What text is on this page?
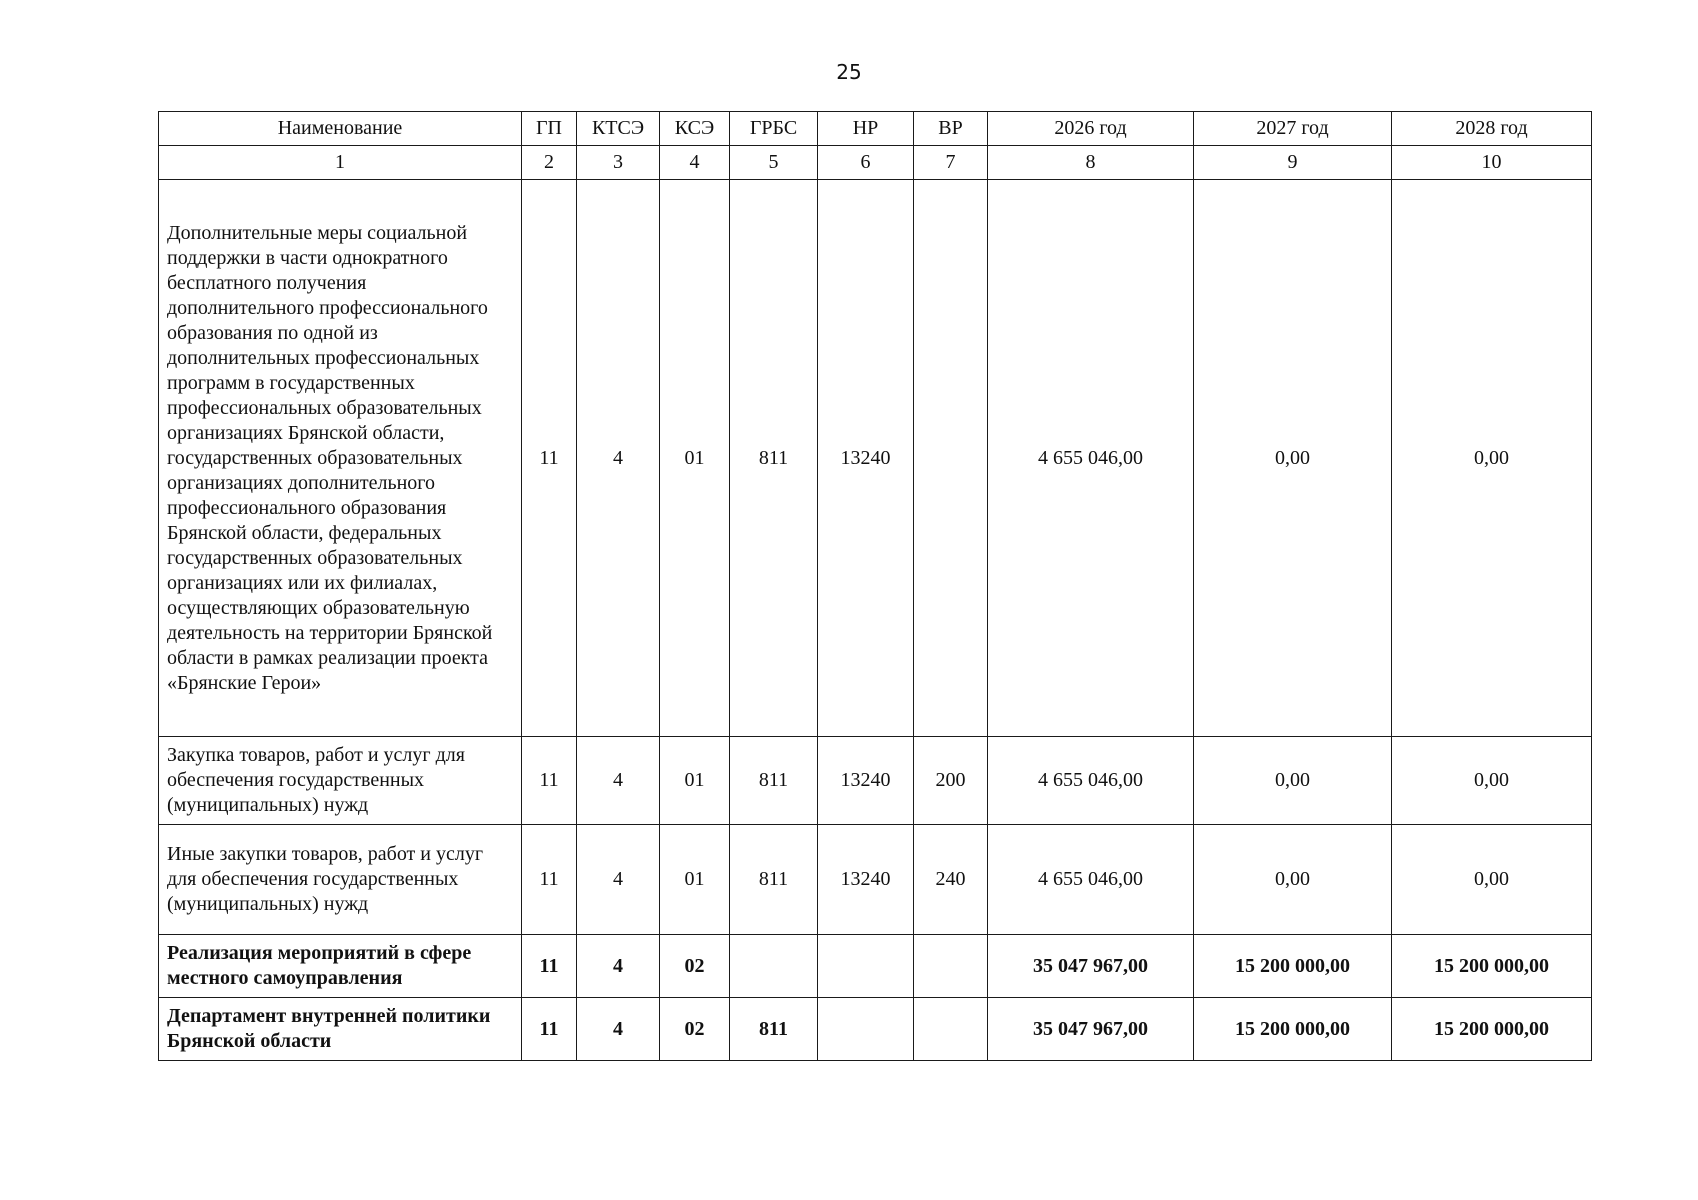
25
Наименование	ГП	КТСЭ	КСЭ	ГРБС	НР	ВР	2026 год	2027 год	2028 год
1	2	3	4	5	6	7	8	9	10
Дополнительные меры социальной поддержки в части однократного бесплатного получения дополнительного профессионального образования по одной из дополнительных профессиональных программ в государственных профессиональных образовательных организациях Брянской области, государственных образовательных организациях дополнительного профессионального образования Брянской области, федеральных государственных образовательных организациях или их филиалах, осуществляющих образовательную деятельность на территории Брянской области в рамках реализации проекта «Брянские Герои»	11	4	01	811	13240		4 655 046,00	0,00	0,00
Закупка товаров, работ и услуг для обеспечения государственных (муниципальных) нужд	11	4	01	811	13240	200	4 655 046,00	0,00	0,00
Иные закупки товаров, работ и услуг для обеспечения государственных (муниципальных) нужд	11	4	01	811	13240	240	4 655 046,00	0,00	0,00
Реализация мероприятий в сфере местного самоуправления	11	4	02				35 047 967,00	15 200 000,00	15 200 000,00
Департамент внутренней политики Брянской области	11	4	02	811			35 047 967,00	15 200 000,00	15 200 000,00
